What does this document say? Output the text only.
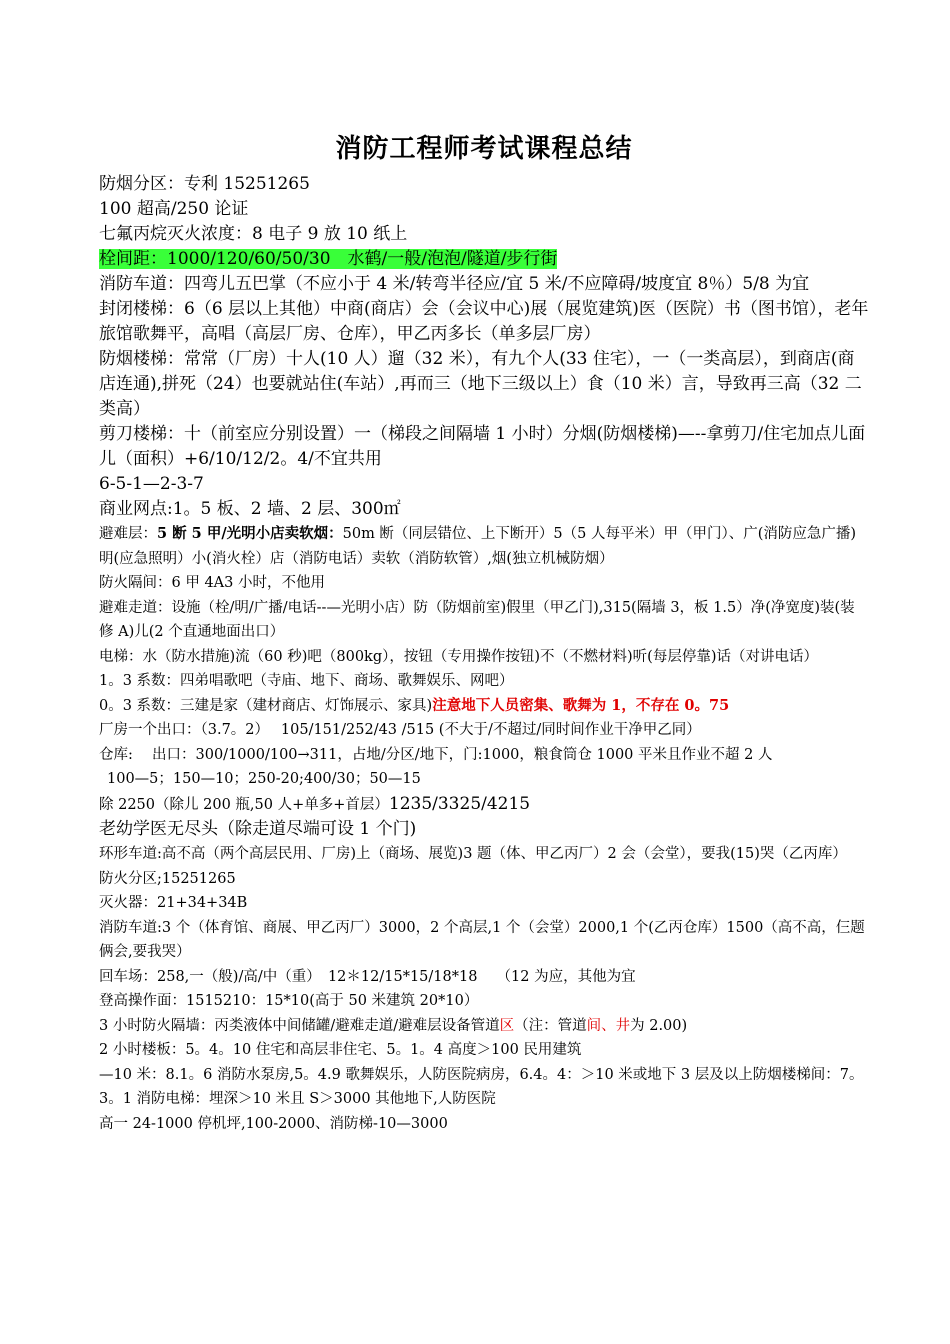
消防工程师考试课程总结

防烟分区：专利 15251265

100 超高/250 论证

七氟丙烷灭火浓度：8 电子 9 放 10 纸上

栓间距：1000/120/60/50/30　水鹤/一般/泡泡/隧道/步行街

消防车道：四弯儿五巴掌（不应小于 4 米/转弯半径应/宜 5 米/不应障碍/坡度宜 8％）5/8 为宜

封闭楼梯：6（6 层以上其他）中商(商店）会（会议中心)展（展览建筑)医（医院）书（图书馆），老年旅馆歌舞平，高唱（高层厂房、仓库），甲乙丙多长（单多层厂房）

防烟楼梯：常常（厂房）十人(10 人）遛（32 米），有九个人(33 住宅），一（一类高层），到商店(商店连通),拼死（24）也要就站住(车站）,再而三（地下三级以上）食（10 米）言，导致再三高（32 二类高）

剪刀楼梯：十（前室应分别设置）一（梯段之间隔墙 1 小时）分烟(防烟楼梯)—--拿剪刀/住宅加点儿面儿（面积）+6/10/12/2。4/不宜共用

6-5-1—2-3-7

商业网点:1。5 板、2 墙、2 层、300㎡

避难层：5 断 5 甲/光明小店卖软烟：50m 断（同层错位、上下断开）5（5 人每平米）甲（甲门）、广(消防应急广播)明(应急照明）小(消火栓）店（消防电话）卖软（消防软管）,烟(独立机械防烟）

防火隔间：6 甲 4A3 小时，不他用

避难走道：设施（栓/明/广播/电话--—光明小店）防（防烟前室)假里（甲乙门),315(隔墙 3，板 1.5）净(净宽度)装(装修 A)儿(2 个直通地面出口）

电梯：水（防水措施)流（60 秒)吧（800kg），按钮（专用操作按钮)不（不燃材料)听(每层停靠)话（对讲电话）

1。3 系数：四弟唱歌吧（寺庙、地下、商场、歌舞娱乐、网吧）

0。3 系数：三建是家（建材商店、灯饰展示、家具)注意地下人员密集、歌舞为 1，不存在 0。75

厂房一个出口：（3.7。2）　 105/151/252/43 /515 (不大于/不超过/同时间作业干净甲乙同）

仓库:　 出口：300/1000/100→311，占地/分区/地下，门:1000，粮食筒仓 1000 平米且作业不超 2 人

100—5；150—10；250-20;400/30；50—15

除 2250（除儿 200 瓶,50 人+单多+首层）1235/3325/4215

老幼学医无尽头（除走道尽端可设 1 个门)

环形车道:高不高（两个高层民用、厂房)上（商场、展览)3 题（体、甲乙丙厂）2 会（会堂），要我(15)哭（乙丙库）

防火分区;15251265

灭火器：21+34+34B

消防车道:3 个（体育馆、商展、甲乙丙厂）3000，2 个高层,1 个（会堂）2000,1 个(乙丙仓库）1500（高不高，仨题俩会,要我哭）

回车场：258,一（般)/高/中（重）　12＊12/15*15/18*18　 （12 为应，其他为宜

登高操作面：1515210：15*10(高于 50 米建筑 20*10）

3 小时防火隔墙：丙类液体中间储罐/避难走道/避难层设备管道区（注：管道间、井为 2.00)

2 小时楼板：5。4。10 住宅和高层非住宅、5。1。4 高度＞100 民用建筑

—10 米：8.1。6 消防水泵房,5。4.9 歌舞娱乐，人防医院病房，6.4。4：＞10 米或地下 3 层及以上防烟楼梯间：7。3。1 消防电梯：埋深＞10 米且 S＞3000 其他地下,人防医院

高一 24-1000 停机坪,100-2000、消防梯-10—3000
